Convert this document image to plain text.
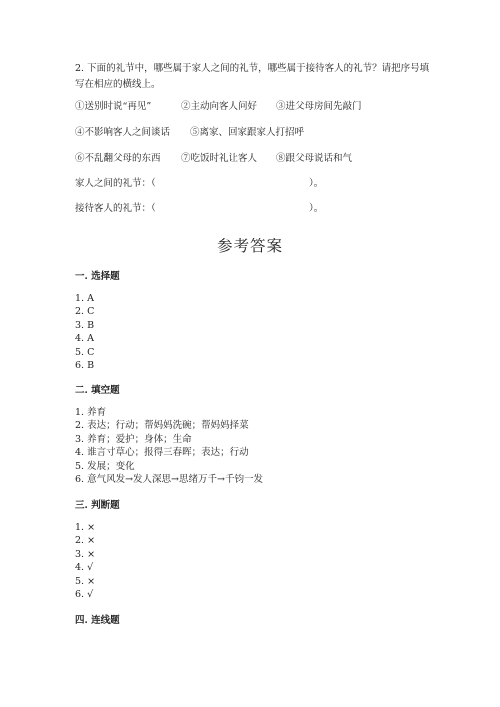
2. 下面的礼节中，哪些属于家人之间的礼节，哪些属于接待客人的礼节？请把序号填写在相应的横线上。
①送别时说“再见”	②主动向客人问好 ③进父母房间先敲门
④不影响客人之间谈话 ⑤离家、回家跟家人打招呼
⑥不乱翻父母的东西 ⑦吃饭时礼让客人 ⑧跟父母说话和气
家人之间的礼节：（	）。
接待客人的礼节：（	）。
参考答案
一. 选择题
1. A
2. C
3. B
4. A
5. C
6. B
二. 填空题
1. 养育
2. 表达；行动；帮妈妈洗碗；帮妈妈择菜
3. 养育；爱护；身体；生命
4. 谁言寸草心；报得三春晖；表达；行动
5. 发展；变化
6. 意气风发→发人深思→思绪万千→千钧一发
三. 判断题
1. ×
2. ×
3. ×
4. √
5. ×
6. √
四. 连线题
